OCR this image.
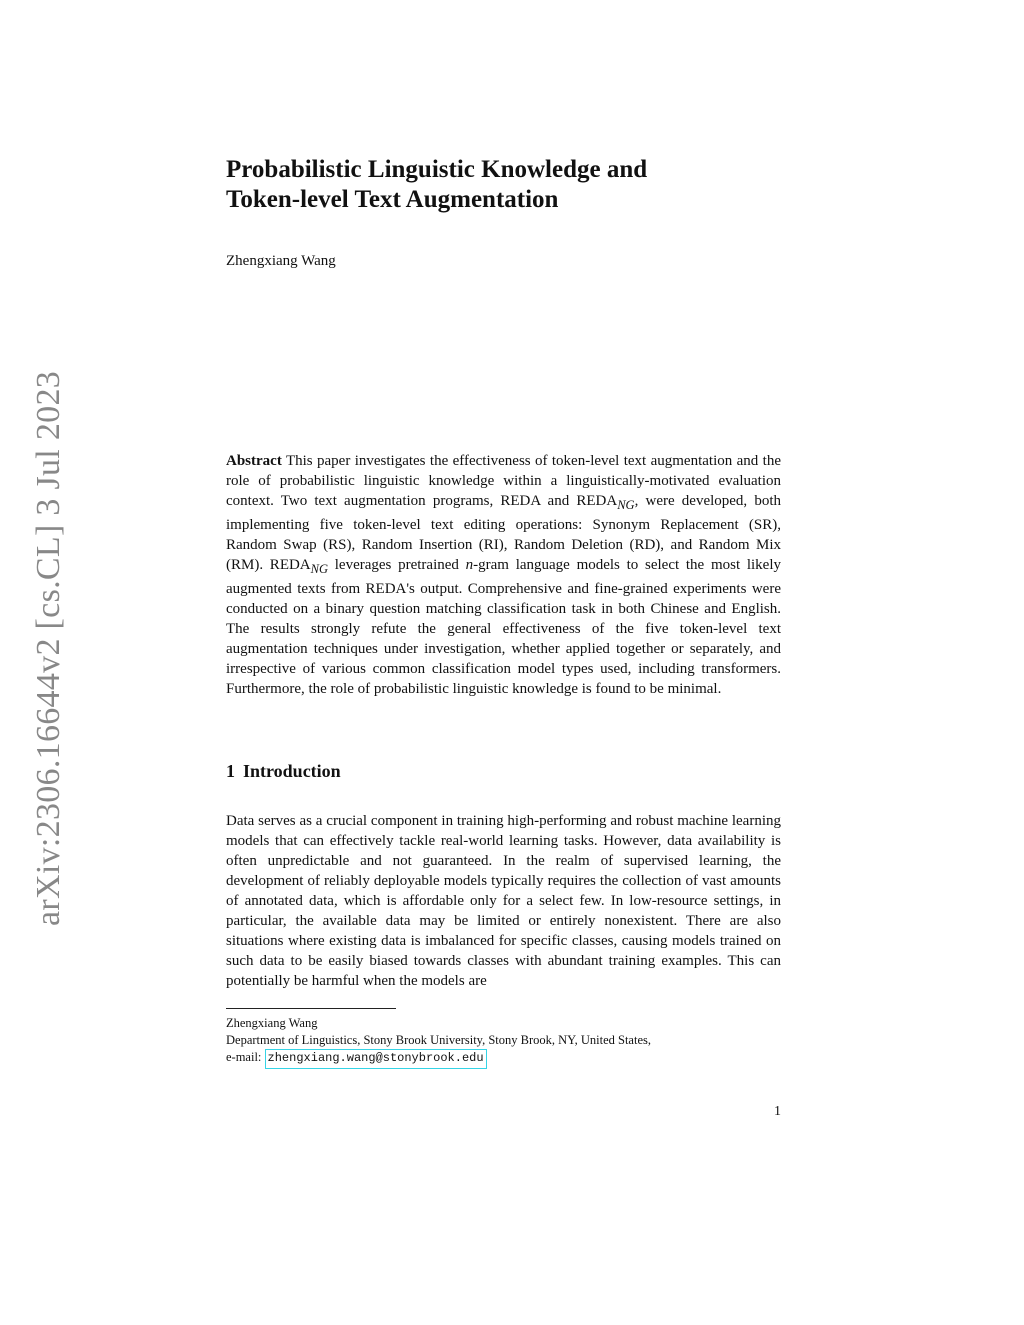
arXiv:2306.16644v2 [cs.CL] 3 Jul 2023
Probabilistic Linguistic Knowledge and
Token-level Text Augmentation

Zhengxiang Wang

Abstract This paper investigates the effectiveness of token-level text augmentation and the role of probabilistic linguistic knowledge within a linguistically-motivated evaluation context. Two text augmentation programs, REDA and $REDA_{NG}$, were developed, both implementing five token-level text editing operations: Synonym Replacement (SR), Random Swap (RS), Random Insertion (RI), Random Deletion (RD), and Random Mix (RM). $REDA_{NG}$ leverages pretrained n-gram language models to select the most likely augmented texts from REDA's output. Comprehensive and fine-grained experiments were conducted on a binary question matching classification task in both Chinese and English. The results strongly refute the general effectiveness of the five token-level text augmentation techniques under investigation, whether applied together or separately, and irrespective of various common classification model types used, including transformers. Furthermore, the role of probabilistic linguistic knowledge is found to be minimal.

1 Introduction

Data serves as a crucial component in training high-performing and robust machine learning models that can effectively tackle real-world learning tasks. However, data availability is often unpredictable and not guaranteed. In the realm of supervised learning, the development of reliably deployable models typically requires the collection of vast amounts of annotated data, which is affordable only for a select few. In low-resource settings, in particular, the available data may be limited or entirely nonexistent. There are also situations where existing data is imbalanced for specific classes, causing models trained on such data to be easily biased towards classes with abundant training examples. This can potentially be harmful when the models are

Zhengxiang Wang
Department of Linguistics, Stony Brook University, Stony Brook, NY, United States,
e-mail: zhengxiang.wang@stonybrook.edu
1
